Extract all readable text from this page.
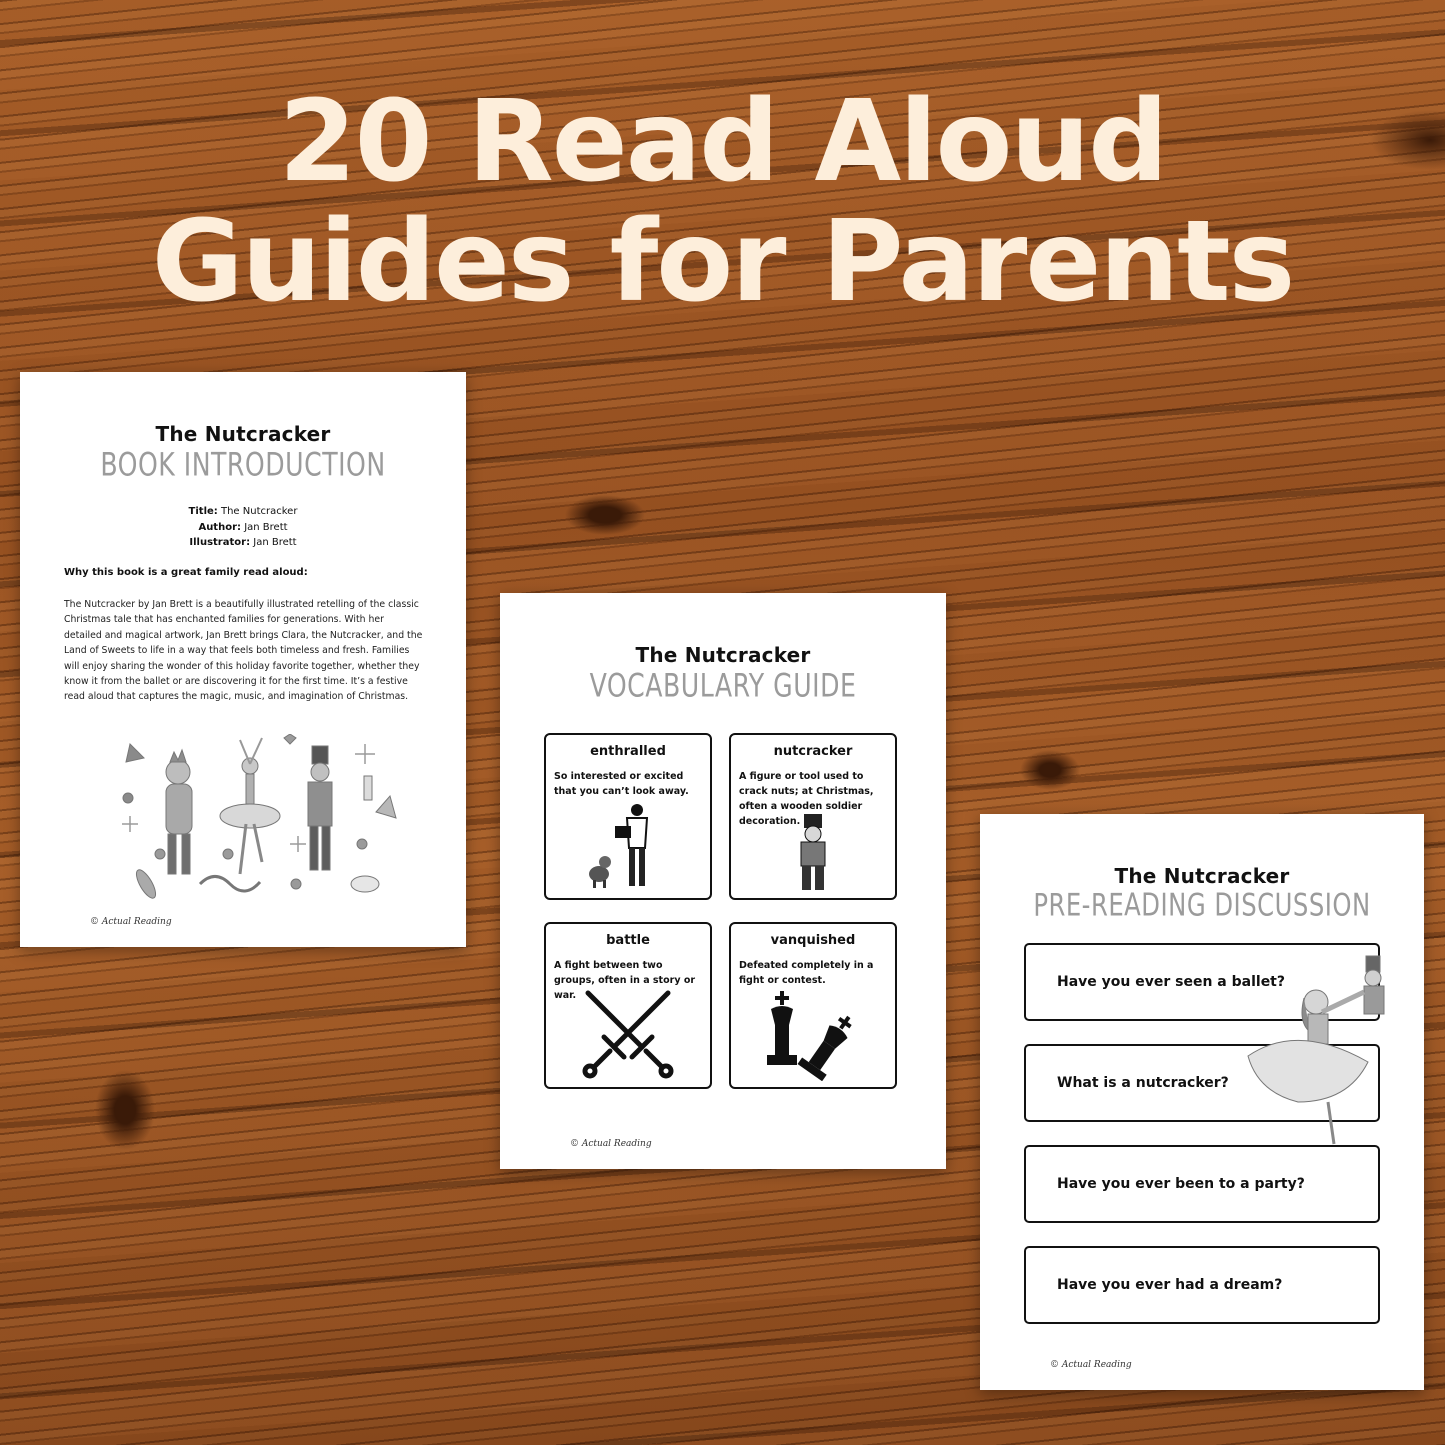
20 Read Aloud
Guides for Parents
The Nutcracker
BOOK INTRODUCTION
Title: The Nutcracker
Author: Jan Brett
Illustrator: Jan Brett
Why this book is a great family read aloud:
The Nutcracker by Jan Brett is a beautifully illustrated retelling of the classic Christmas tale that has enchanted families for generations. With her detailed and magical artwork, Jan Brett brings Clara, the Nutcracker, and the Land of Sweets to life in a way that feels both timeless and fresh. Families will enjoy sharing the wonder of this holiday favorite together, whether they know it from the ballet or are discovering it for the first time. It’s a festive read aloud that captures the magic, music, and imagination of Christmas.
© Actual Reading
The Nutcracker
VOCABULARY GUIDE
enthralled
So interested or excited that you can’t look away.
nutcracker
A figure or tool used to crack nuts; at Christmas, often a wooden soldier decoration.
battle
A fight between two groups, often in a story or war.
vanquished
Defeated completely in a fight or contest.
© Actual Reading
The Nutcracker
PRE-READING DISCUSSION
Have you ever seen a ballet?
What is a nutcracker?
Have you ever been to a party?
Have you ever had a dream?
© Actual Reading
